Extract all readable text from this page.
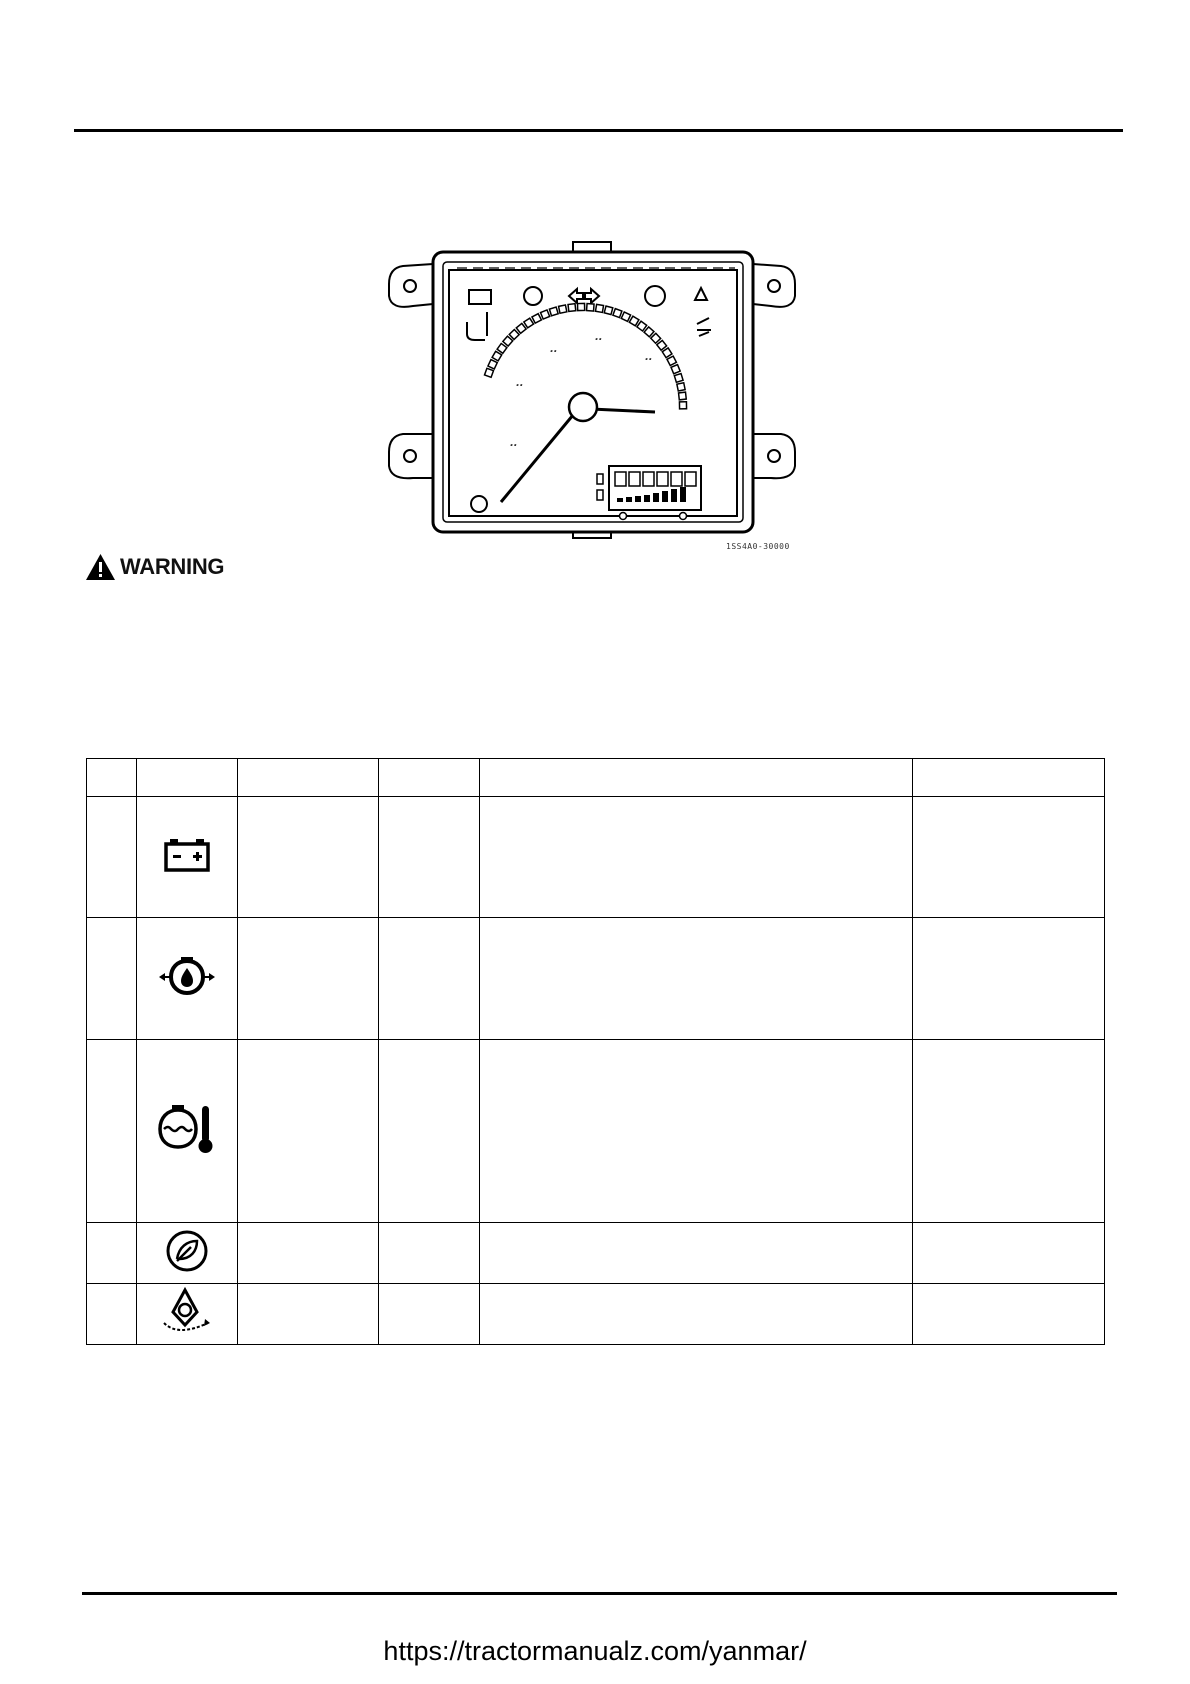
..
..
..
..
..
1SS4A0-30000
WARNING

https://tractormanualz.com/yanmar/
